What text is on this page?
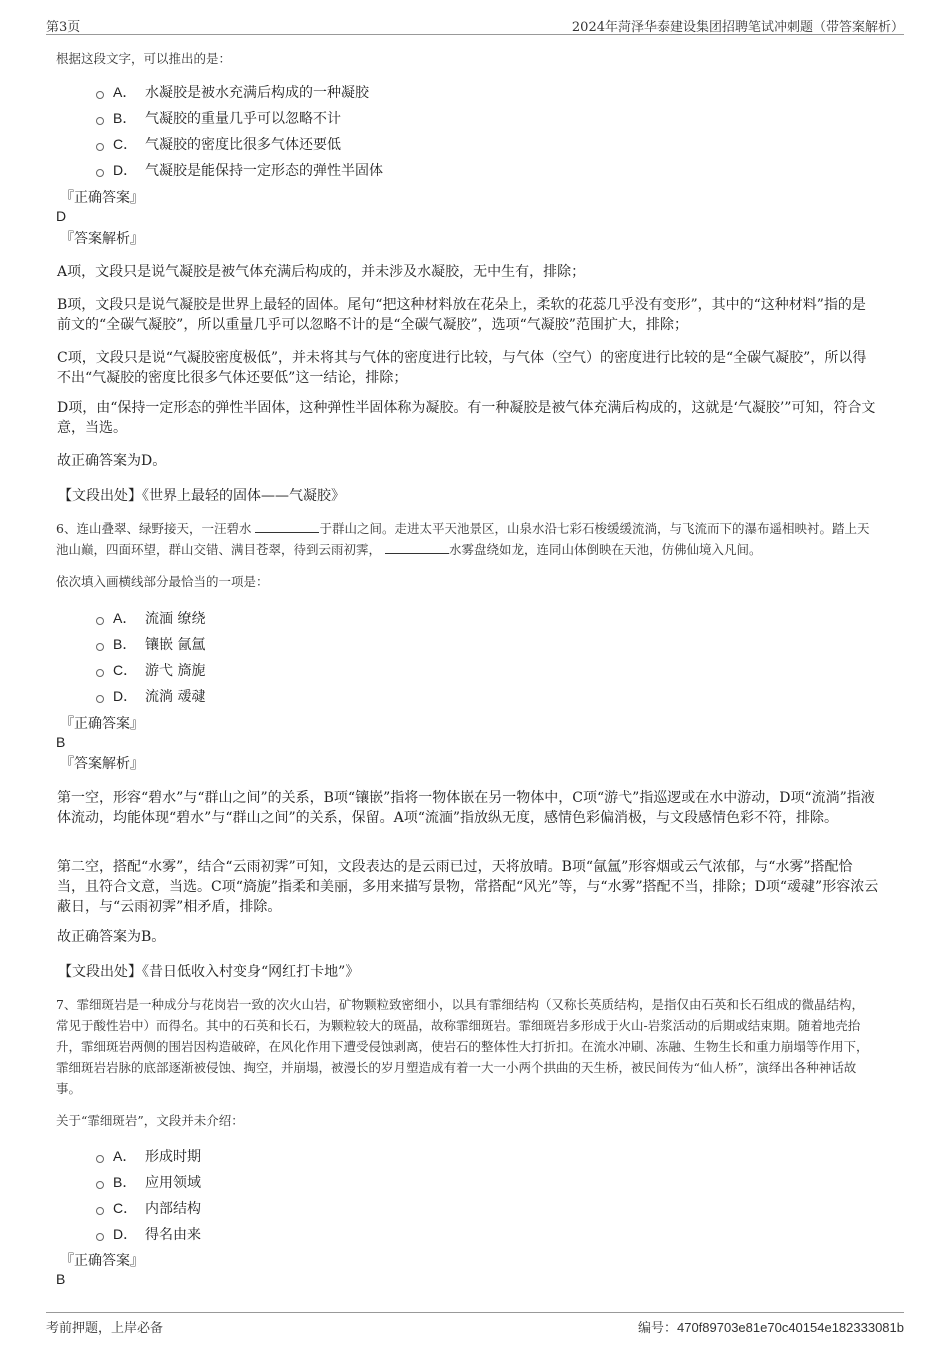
第3页	2024年菏泽华泰建设集团招聘笔试冲刺题（带答案解析）
根据这段文字，可以推出的是：
A． 水凝胶是被水充满后构成的一种凝胶
B． 气凝胶的重量几乎可以忽略不计
C． 气凝胶的密度比很多气体还要低
D． 气凝胶是能保持一定形态的弹性半固体
『正确答案』
D
『答案解析』
A项，文段只是说气凝胶是被气体充满后构成的，并未涉及水凝胶，无中生有，排除；
B项，文段只是说气凝胶是世界上最轻的固体。尾句“把这种材料放在花朵上，柔软的花蕊几乎没有变形”，其中的“这种材料”指的是前文的“全碳气凝胶”，所以重量几乎可以忽略不计的是“全碳气凝胶”，选项“气凝胶”范围扩大，排除；
C项，文段只是说“气凝胶密度极低”，并未将其与气体的密度进行比较，与气体（空气）的密度进行比较的是“全碳气凝胶”，所以得不出“气凝胶的密度比很多气体还要低”这一结论，排除；
D项，由“保持一定形态的弹性半固体，这种弹性半固体称为凝胶。有一种凝胶是被气体充满后构成的，这就是‘气凝胶’”可知，符合文意，当选。
故正确答案为D。
【文段出处】《世界上最轻的固体——气凝胶》
6、连山叠翠、绿野接天，一汪碧水	于群山之间。走进太平天池景区，山泉水沿七彩石梭缓缓流淌，与飞流而下的瀑布遥相映衬。踏上天池山巅，四面环望，群山交错、满目苍翠，待到云雨初霁，	水雾盘绕如龙，连同山体倒映在天池，仿佛仙境入凡间。
依次填入画横线部分最恰当的一项是：
A． 流湎 缭绕
B． 镶嵌 氤氲
C． 游弋 旖旎
D． 流淌 叆叇
『正确答案』
B
『答案解析』
第一空，形容“碧水”与“群山之间”的关系，B项“镶嵌”指将一物体嵌在另一物体中，C项“游弋”指巡逻或在水中游动，D项“流淌”指液体流动，均能体现“碧水”与“群山之间”的关系，保留。A项“流湎”指放纵无度，感情色彩偏消极，与文段感情色彩不符，排除。
第二空，搭配“水雾”，结合“云雨初霁”可知，文段表达的是云雨已过，天将放晴。B项“氤氲”形容烟或云气浓郁，与“水雾”搭配恰当，且符合文意，当选。C项“旖旎”指柔和美丽，多用来描写景物，常搭配“风光”等，与“水雾”搭配不当，排除；D项“叆叇”形容浓云蔽日，与“云雨初霁”相矛盾，排除。
故正确答案为B。
【文段出处】《昔日低收入村变身“网红打卡地”》
7、霏细斑岩是一种成分与花岗岩一致的次火山岩，矿物颗粒致密细小，以具有霏细结构（又称长英质结构，是指仅由石英和长石组成的微晶结构，常见于酸性岩中）而得名。其中的石英和长石，为颗粒较大的斑晶，故称霏细斑岩。霏细斑岩多形成于火山-岩浆活动的后期或结束期。随着地壳抬升，霏细斑岩两侧的围岩因构造破碎，在风化作用下遭受侵蚀剥离，使岩石的整体性大打折扣。在流水冲刷、冻融、生物生长和重力崩塌等作用下，霏细斑岩岩脉的底部逐渐被侵蚀、掏空，并崩塌，被漫长的岁月塑造成有着一大一小两个拱曲的天生桥，被民间传为“仙人桥”，演绎出各种神话故事。
关于“霏细斑岩”，文段并未介绍：
A． 形成时期
B． 应用领域
C． 内部结构
D． 得名由来
『正确答案』
B
考前押题，上岸必备	编号：470f89703e81e70c40154e182333081b
